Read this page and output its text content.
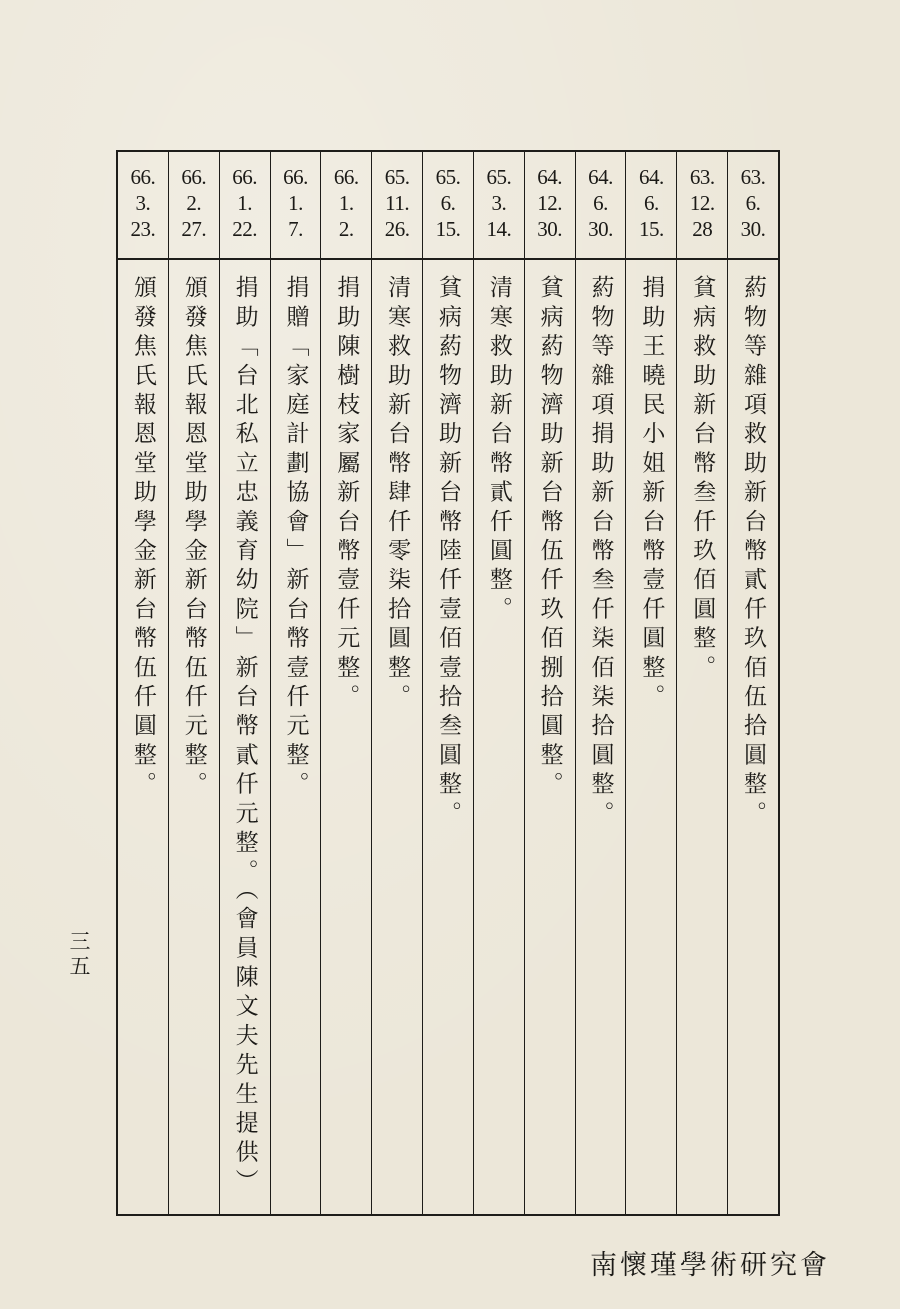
66.
3.
23.
頒發焦氏報恩堂助學金新台幣伍仟圓整。
66.
2.
27.
頒發焦氏報恩堂助學金新台幣伍仟元整。
66.
1.
22.
捐助「台北私立忠義育幼院」新台幣貳仟元整。（會員陳文夫先生提供）
66.
1.
7.
捐贈「家庭計劃協會」新台幣壹仟元整。
66.
1.
2.
捐助陳樹枝家屬新台幣壹仟元整。
65.
11.
26.
清寒救助新台幣肆仟零柒拾圓整。
65.
6.
15.
貧病葯物濟助新台幣陸仟壹佰壹拾叁圓整。
65.
3.
14.
清寒救助新台幣貳仟圓整。
64.
12.
30.
貧病葯物濟助新台幣伍仟玖佰捌拾圓整。
64.
6.
30.
葯物等雜項捐助新台幣叁仟柒佰柒拾圓整。
64.
6.
15.
捐助王曉民小姐新台幣壹仟圓整。
63.
12.
28
貧病救助新台幣叁仟玖佰圓整。
63.
6.
30.
葯物等雜項救助新台幣貳仟玖佰伍拾圓整。
三五
南懷瑾學術研究會
